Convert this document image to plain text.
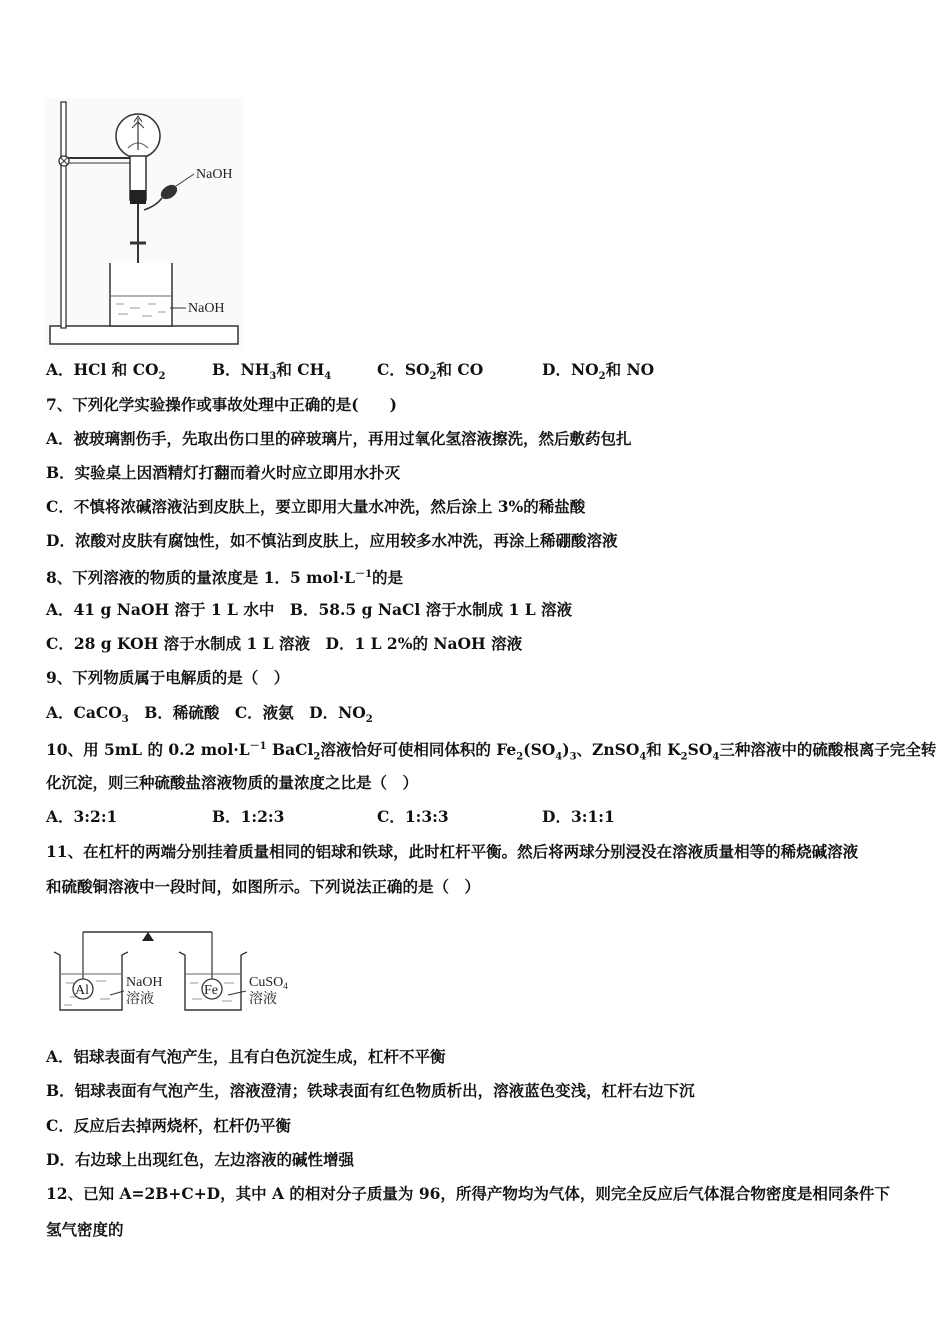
NaOH
NaOH
A．HCl 和 $CO_2$	B．$NH_3$和 $CH_4$	C．$SO_2$和 CO	D．$NO_2$和 NO
7、下列化学实验操作或事故处理中正确的是(　　)
A．被玻璃割伤手，先取出伤口里的碎玻璃片，再用过氧化氢溶液擦洗，然后敷药包扎
B．实验桌上因酒精灯打翻而着火时应立即用水扑灭
C．不慎将浓碱溶液沾到皮肤上，要立即用大量水冲洗，然后涂上 3%的稀盐酸
D．浓酸对皮肤有腐蚀性，如不慎沾到皮肤上，应用较多水冲洗，再涂上稀硼酸溶液
8、下列溶液的物质的量浓度是 1．5 $mol\cdot L^{-1}$的是
A．41 g NaOH 溶于 1 L 水中　B．58.5 g NaCl 溶于水制成 1 L 溶液
C．28 g KOH 溶于水制成 1 L 溶液　D．1 L 2%的 NaOH 溶液
9、下列物质属于电解质的是（　）
A．CaCO$_3$　B．稀硫酸　C．液氨　D．$NO_2$
10、用 5mL 的 0.2 $mol\cdot L^{-1}$ BaCl$_2$溶液恰好可使相同体积的 $Fe_2(SO_4)_3$、ZnSO$_4$和 $K_2SO_4$三种溶液中的硫酸根离子完全转
化沉淀，则三种硫酸盐溶液物质的量浓度之比是（　）
A．3:2:1	B．1:2:3	C．1:3:3	D．3:1:1
11、在杠杆的两端分别挂着质量相同的铝球和铁球，此时杠杆平衡。然后将两球分别浸没在溶液质量相等的稀烧碱溶液
和硫酸铜溶液中一段时间，如图所示。下列说法正确的是（　）
Al
NaOH
溶液
Fe
CuSO$_4$
溶液
A．铝球表面有气泡产生，且有白色沉淀生成，杠杆不平衡
B．铝球表面有气泡产生，溶液澄清；铁球表面有红色物质析出，溶液蓝色变浅，杠杆右边下沉
C．反应后去掉两烧杯，杠杆仍平衡
D．右边球上出现红色，左边溶液的碱性增强
12、已知 A=2B+C+D，其中 A 的相对分子质量为 96，所得产物均为气体，则完全反应后气体混合物密度是相同条件下
氢气密度的
